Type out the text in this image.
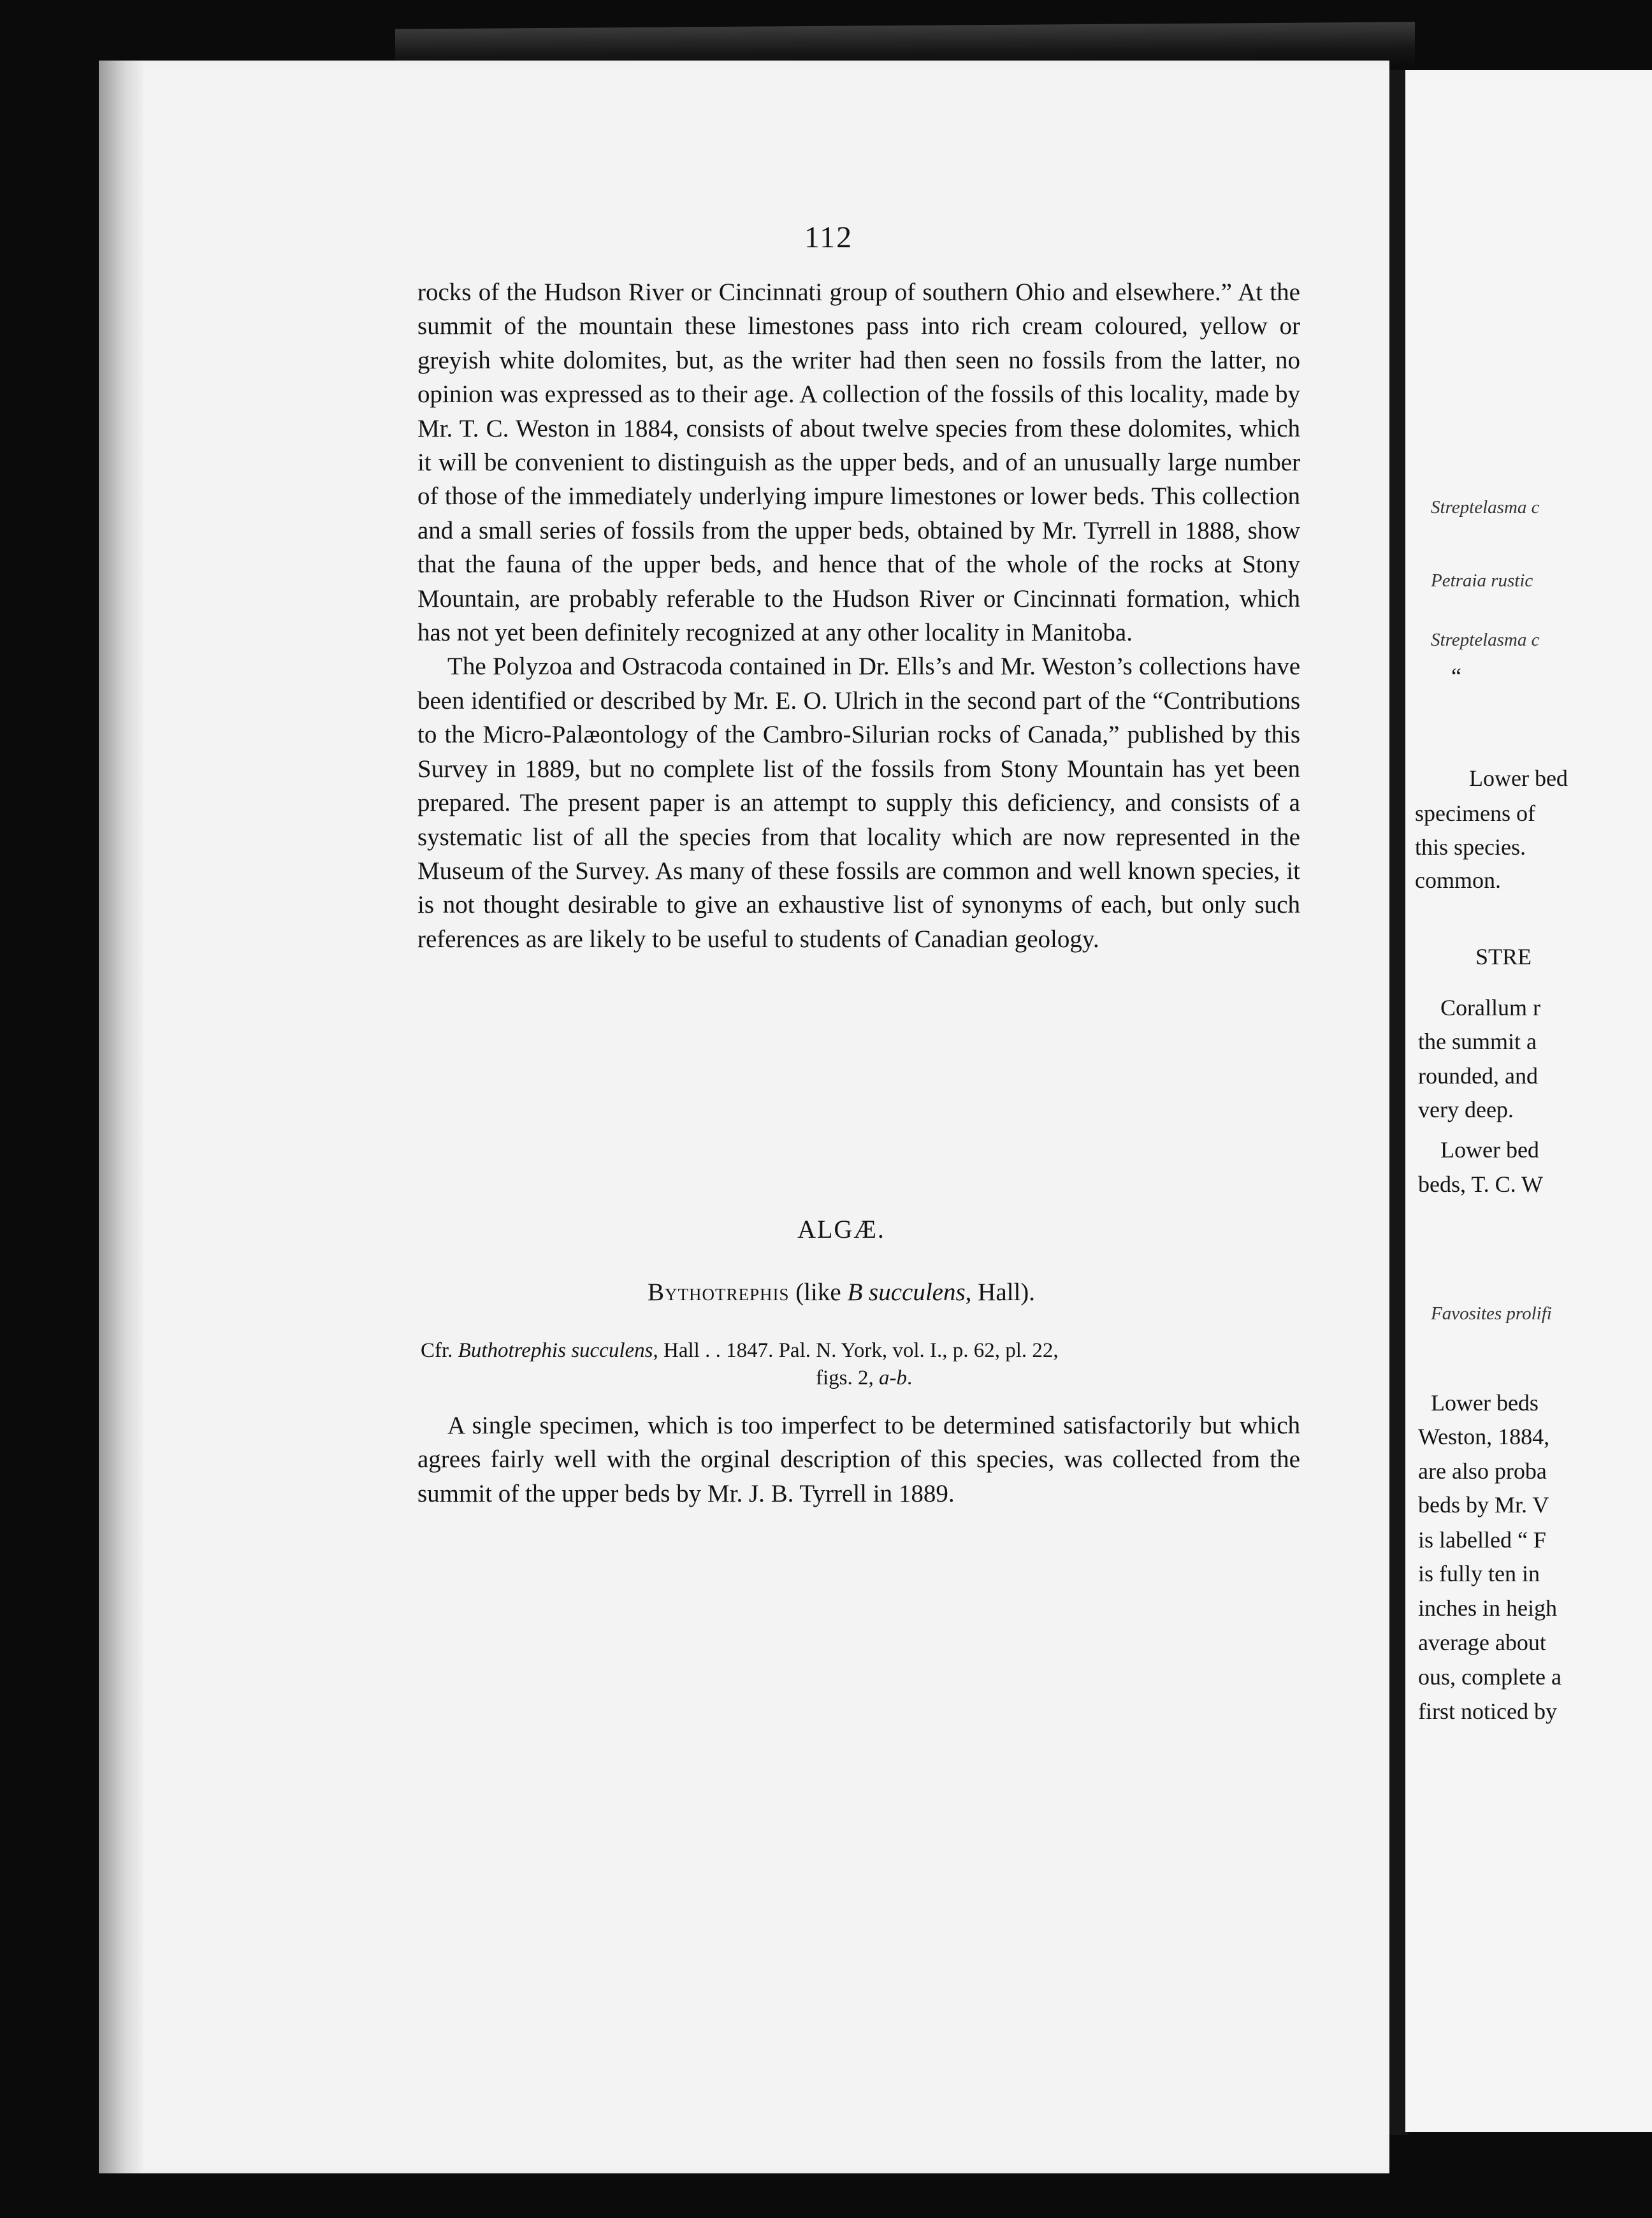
112

rocks of the Hudson River or Cincinnati group of southern Ohio and elsewhere.” At the summit of the mountain these limestones pass into rich cream coloured, yellow or greyish white dolomites, but, as the writer had then seen no fossils from the latter, no opinion was expressed as to their age. A collection of the fossils of this locality, made by Mr. T. C. Weston in 1884, consists of about twelve species from these dolomites, which it will be convenient to distinguish as the upper beds, and of an unusually large number of those of the immediately underlying impure limestones or lower beds. This collection and a small series of fossils from the upper beds, obtained by Mr. Tyrrell in 1888, show that the fauna of the upper beds, and hence that of the whole of the rocks at Stony Mountain, are probably referable to the Hudson River or Cincinnati formation, which has not yet been definitely recognized at any other locality in Manitoba.

The Polyzoa and Ostracoda contained in Dr. Ells’s and Mr. Weston’s collections have been identified or described by Mr. E. O. Ulrich in the second part of the “Contributions to the Micro-Palæontology of the Cambro-Silurian rocks of Canada,” published by this Survey in 1889, but no complete list of the fossils from Stony Mountain has yet been prepared. The present paper is an attempt to supply this deficiency, and consists of a systematic list of all the species from that locality which are now represented in the Museum of the Survey. As many of these fossils are common and well known species, it is not thought desirable to give an exhaustive list of synonyms of each, but only such references as are likely to be useful to students of Canadian geology.

ALGÆ.
Bythotrephis (like B succulens, Hall).
Cfr. Buthotrephis succulens, Hall . . 1847. Pal. N. York, vol. I., p. 62, pl. 22,
figs. 2, a-b.
A single specimen, which is too imperfect to be determined satisfactorily but which agrees fairly well with the orginal description of this species, was collected from the summit of the upper beds by Mr. J. B. Tyrrell in 1889.
Streptelasma c
Petraia rustic
Streptelasma c
“
Lower bed
specimens of
this species.
common.
STRE
Corallum r
the summit a
rounded, and
very deep.
Lower bed
beds, T. C. W
Favosites prolifi
Lower beds
Weston, 1884,
are also proba
beds by Mr. V
is labelled “ F
is fully ten in
inches in heigh
average about
ous, complete a
first noticed by
